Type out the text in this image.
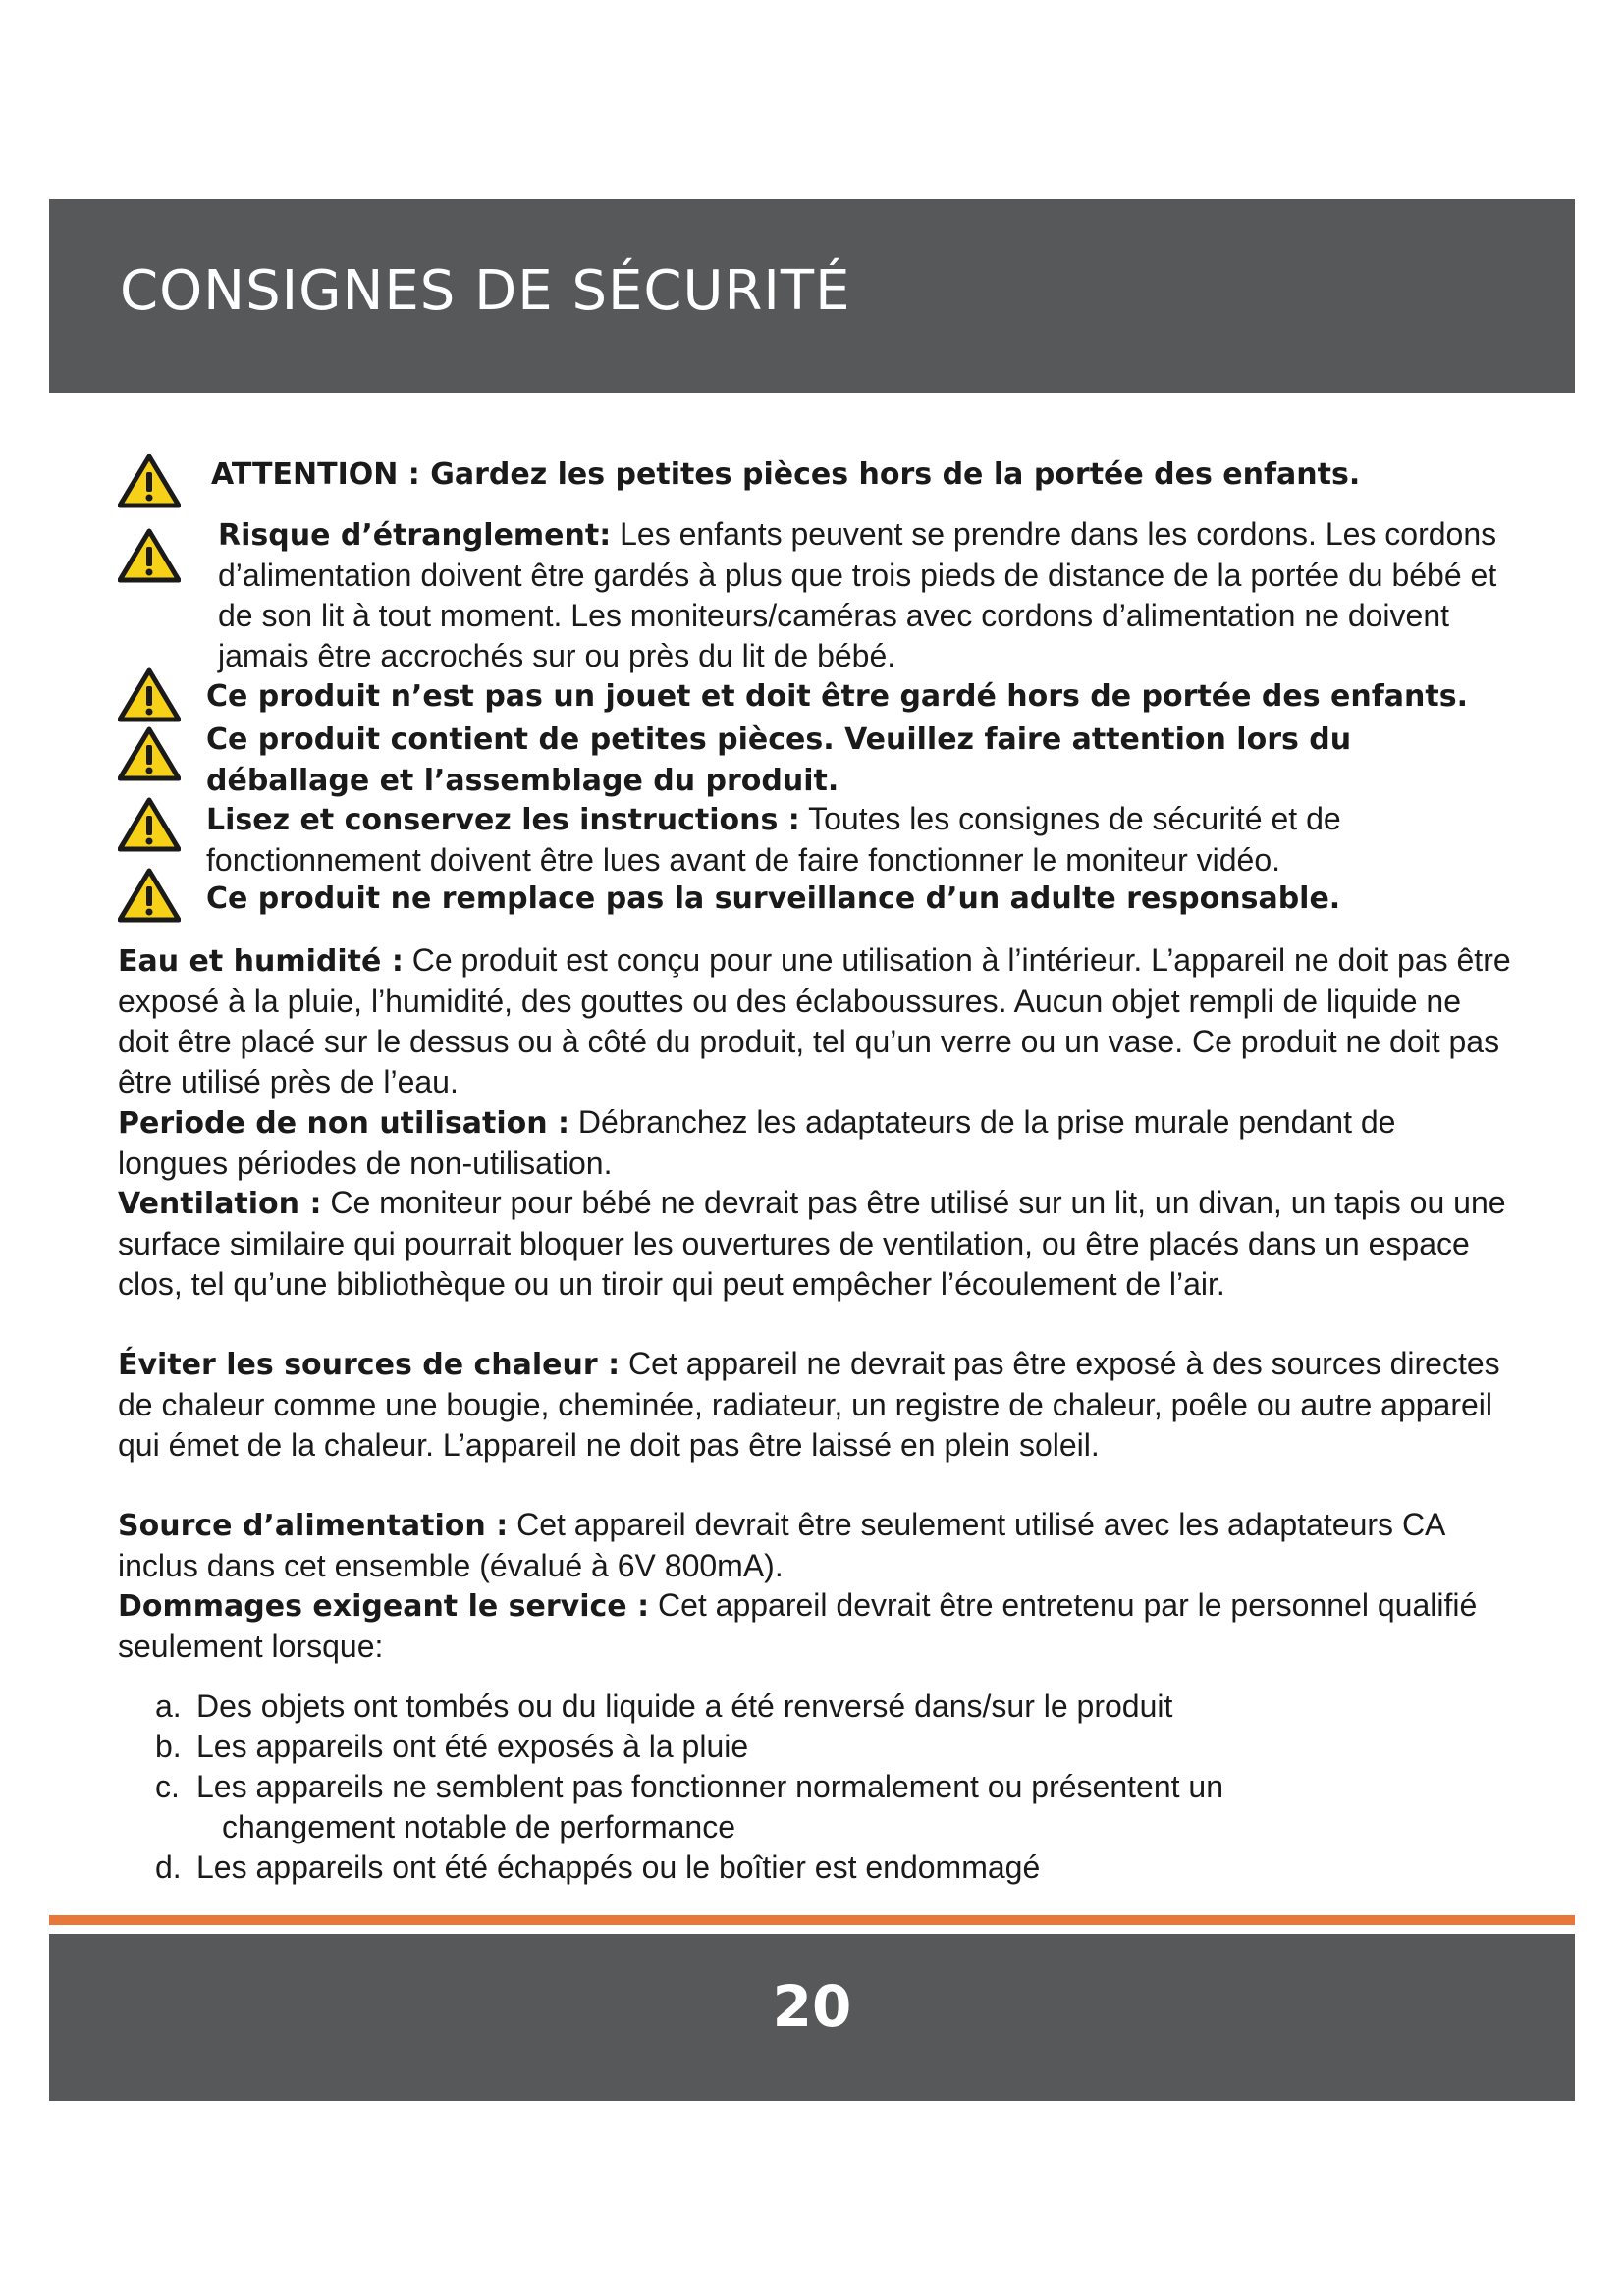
CONSIGNES DE SÉCURITÉ

ATTENTION : Gardez les petites pièces hors de la portée des enfants.

Risque d’étranglement: Les enfants peuvent se prendre dans les cordons. Les cordons d’alimentation doivent être gardés à plus que trois pieds de distance de la portée du bébé et de son lit à tout moment. Les moniteurs/caméras avec cordons d’alimentation ne doivent jamais être accrochés sur ou près du lit de bébé.

Ce produit n’est pas un jouet et doit être gardé hors de portée des enfants.

Ce produit contient de petites pièces. Veuillez faire attention lors du déballage et l’assemblage du produit.

Lisez et conservez les instructions : Toutes les consignes de sécurité et de fonctionnement doivent être lues avant de faire fonctionner le moniteur vidéo.

Ce produit ne remplace pas la surveillance d’un adulte responsable.

Eau et humidité : Ce produit est conçu pour une utilisation à l’intérieur. L’appareil ne doit pas être exposé à la pluie, l’humidité, des gouttes ou des éclaboussures. Aucun objet rempli de liquide ne doit être placé sur le dessus ou à côté du produit, tel qu’un verre ou un vase. Ce produit ne doit pas être utilisé près de l’eau.

Periode de non utilisation : Débranchez les adaptateurs de la prise murale pendant de longues périodes de non-utilisation.

Ventilation : Ce moniteur pour bébé ne devrait pas être utilisé sur un lit, un divan, un tapis ou une surface similaire qui pourrait bloquer les ouvertures de ventilation, ou être placés dans un espace clos, tel qu’une bibliothèque ou un tiroir qui peut empêcher l’écoulement de l’air.

Éviter les sources de chaleur : Cet appareil ne devrait pas être exposé à des sources directes de chaleur comme une bougie, cheminée, radiateur, un registre de chaleur, poêle ou autre appareil qui émet de la chaleur. L’appareil ne doit pas être laissé en plein soleil.

Source d’alimentation : Cet appareil devrait être seulement utilisé avec les adaptateurs CA inclus dans cet ensemble (évalué à 6V 800mA).

Dommages exigeant le service : Cet appareil devrait être entretenu par le personnel qualifié seulement lorsque:

a. Des objets ont tombés ou du liquide a été renversé dans/sur le produit

b. Les appareils ont été exposés à la pluie

c. Les appareils ne semblent pas fonctionner normalement ou présentent un
changement notable de performance

d. Les appareils ont été échappés ou le boîtier est endommagé

20
